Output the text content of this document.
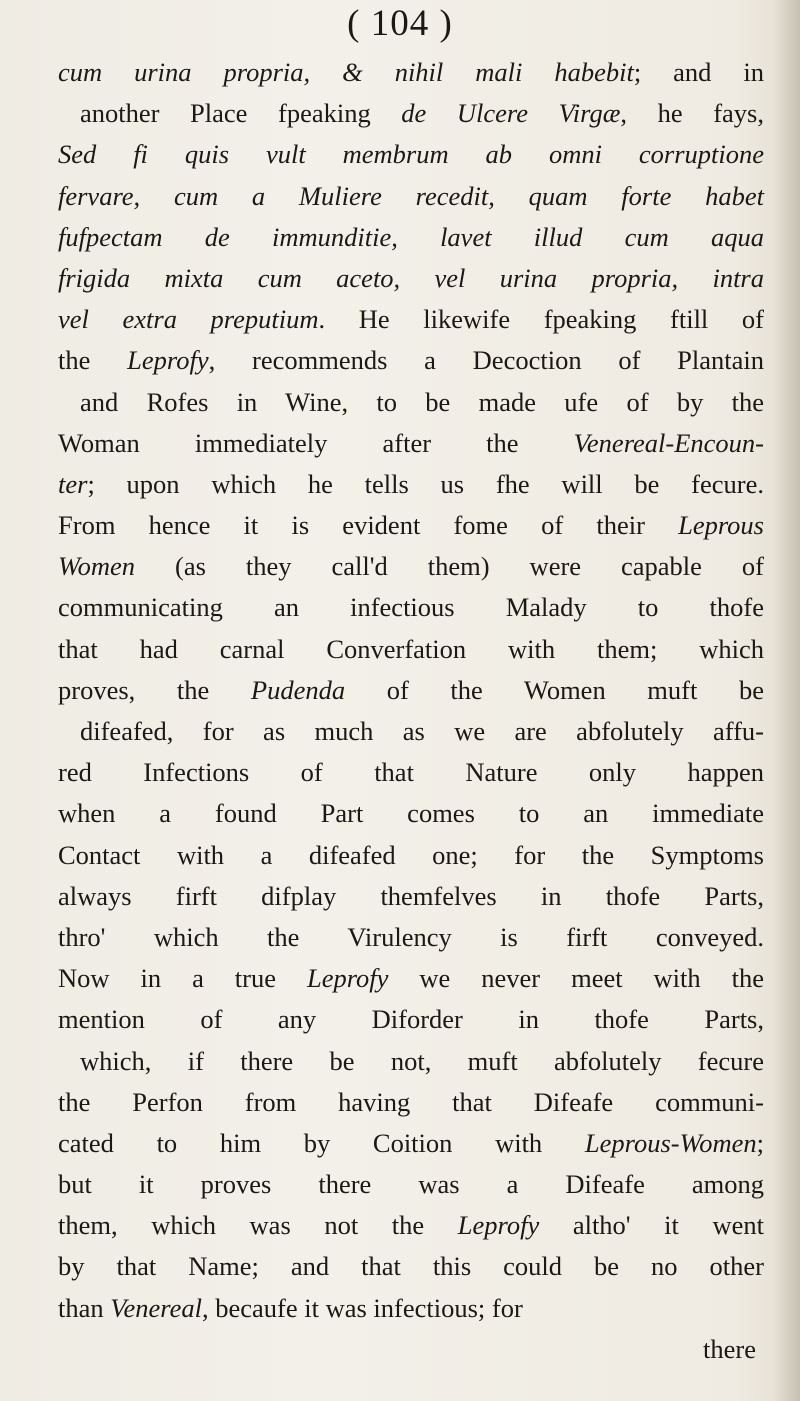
( 104 )
cum urina propria, & nihil mali habebit; and in
another Place fpeaking de Ulcere Virgæ, he fays,
Sed fi quis vult membrum ab omni corruptione
fervare, cum a Muliere recedit, quam forte habet
fufpectam de immunditie, lavet illud cum aqua
frigida mixta cum aceto, vel urina propria, intra
vel extra preputium. He likewife fpeaking ftill of
the Leprofy, recommends a Decoction of Plantain
and Rofes in Wine, to be made ufe of by the
Woman immediately after the Venereal-Encoun-
ter; upon which he tells us fhe will be fecure.
From hence it is evident fome of their Leprous
Women (as they call'd them) were capable of
communicating an infectious Malady to thofe
that had carnal Converfation with them; which
proves, the Pudenda of the Women muft be
difeafed, for as much as we are abfolutely affu-
red Infections of that Nature only happen
when a found Part comes to an immediate
Contact with a difeafed one; for the Symptoms
always firft difplay themfelves in thofe Parts,
thro' which the Virulency is firft conveyed.
Now in a true Leprofy we never meet with the
mention of any Diforder in thofe Parts,
which, if there be not, muft abfolutely fecure
the Perfon from having that Difeafe communi-
cated to him by Coition with Leprous-Women;
but it proves there was a Difeafe among
them, which was not the Leprofy altho' it went
by that Name; and that this could be no other
than Venereal, becaufe it was infectious; for
there
